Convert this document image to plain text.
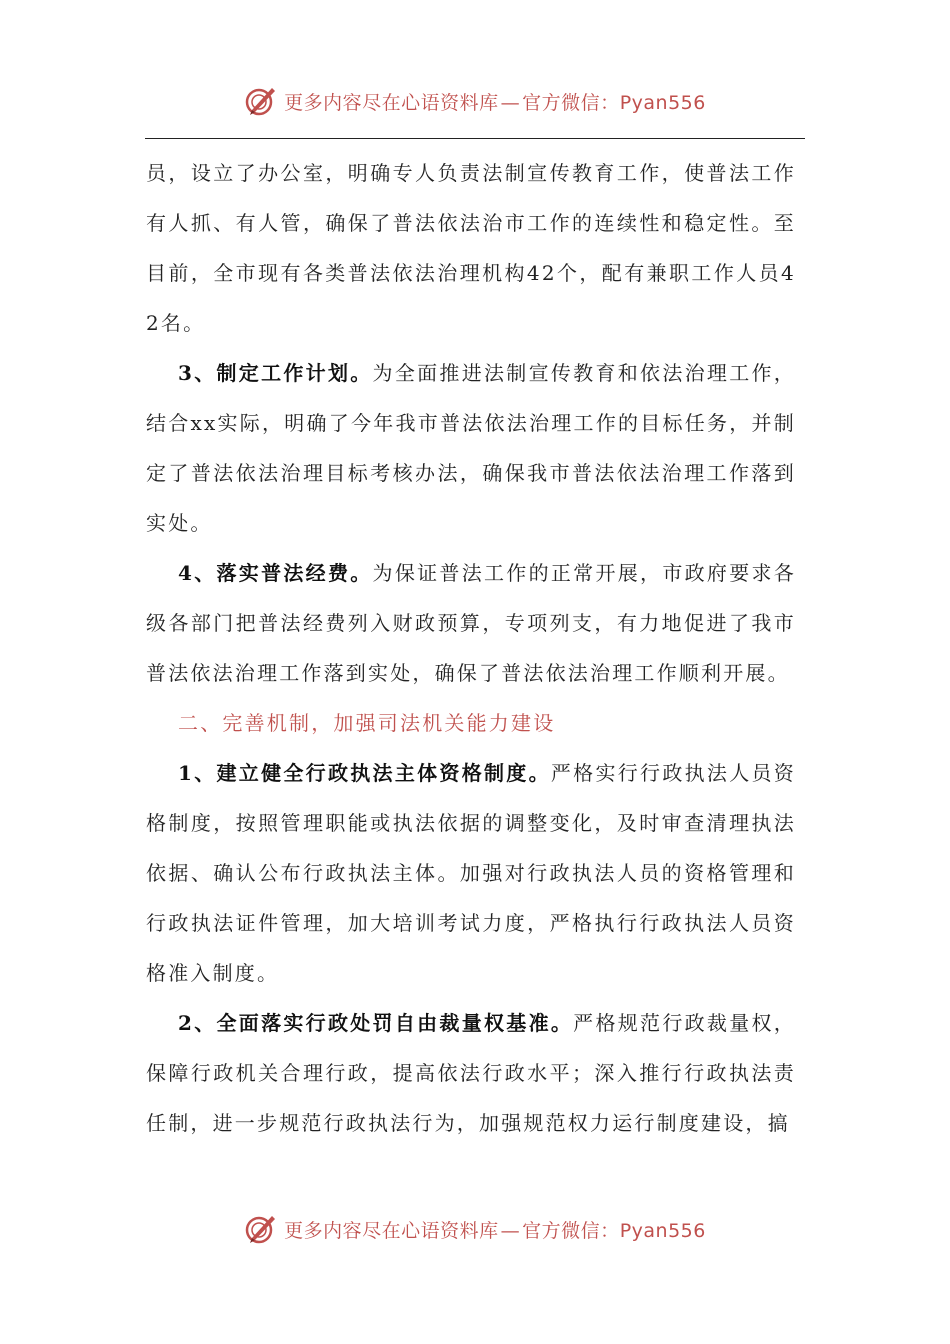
更多内容尽在心语资料库 — 官方微信：Pyan556

员，设立了办公室，明确专人负责法制宣传教育工作，使普法工作有人抓、有人管，确保了普法依法治市工作的连续性和稳定性。至目前，全市现有各类普法依法治理机构42个，配有兼职工作人员42名。

3、制定工作计划。为全面推进法制宣传教育和依法治理工作，结合xx实际，明确了今年我市普法依法治理工作的目标任务，并制定了普法依法治理目标考核办法，确保我市普法依法治理工作落到实处。

4、落实普法经费。为保证普法工作的正常开展，市政府要求各级各部门把普法经费列入财政预算，专项列支，有力地促进了我市普法依法治理工作落到实处，确保了普法依法治理工作顺利开展。

二、完善机制，加强司法机关能力建设

1、建立健全行政执法主体资格制度。严格实行行政执法人员资格制度，按照管理职能或执法依据的调整变化，及时审查清理执法依据、确认公布行政执法主体。加强对行政执法人员的资格管理和行政执法证件管理，加大培训考试力度，严格执行行政执法人员资格准入制度。

2、全面落实行政处罚自由裁量权基准。严格规范行政裁量权，保障行政机关合理行政，提高依法行政水平；深入推行行政执法责任制，进一步规范行政执法行为，加强规范权力运行制度建设，搞

更多内容尽在心语资料库 — 官方微信：Pyan556
